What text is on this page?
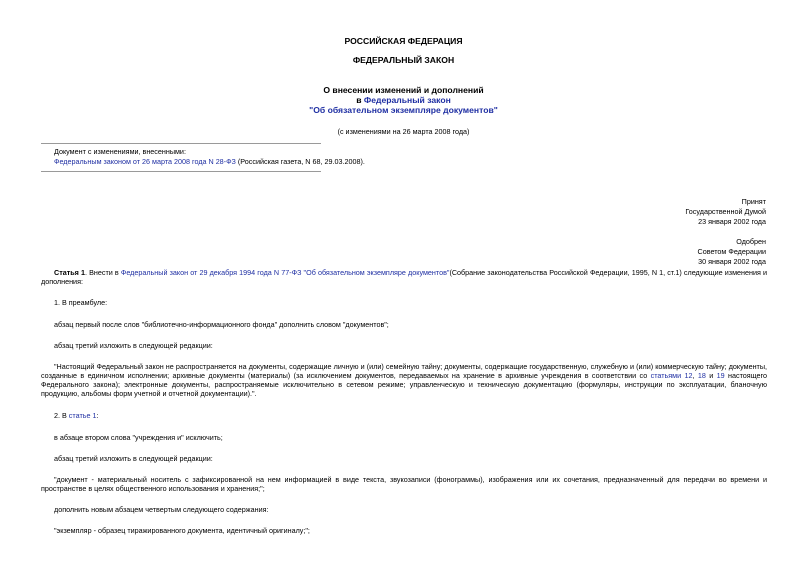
РОССИЙСКАЯ ФЕДЕРАЦИЯ
ФЕДЕРАЛЬНЫЙ ЗАКОН
О внесении изменений и дополнений
в Федеральный закон
"Об обязательном экземпляре документов"
(с изменениями на 26 марта 2008 года)
Документ с изменениями, внесенными:
Федеральным законом от 26 марта 2008 года N 28-ФЗ (Российская газета, N 68, 29.03.2008).
Принят
Государственной Думой
23 января 2002 года
Одобрен
Советом Федерации
30 января 2002 года
Статья 1. Внести в Федеральный закон от 29 декабря 1994 года N 77-ФЗ "Об обязательном экземпляре документов"(Собрание законодательства Российской Федерации, 1995, N 1, ст.1) следующие изменения и дополнения:
1. В преамбуле:
абзац первый после слов "библиотечно-информационного фонда" дополнить словом "документов";
абзац третий изложить в следующей редакции:
"Настоящий Федеральный закон не распространяется на документы, содержащие личную и (или) семейную тайну; документы, содержащие государственную, служебную и (или) коммерческую тайну; документы, созданные в единичном исполнении; архивные документы (материалы) (за исключением документов, передаваемых на хранение в архивные учреждения в соответствии со статьями 12, 18 и 19 настоящего Федерального закона); электронные документы, распространяемые исключительно в сетевом режиме; управленческую и техническую документацию (формуляры, инструкции по эксплуатации, бланочную продукцию, альбомы форм учетной и отчетной документации).".
2. В статье 1:
в абзаце втором слова "учреждения и" исключить;
абзац третий изложить в следующей редакции:
"документ - материальный носитель с зафиксированной на нем информацией в виде текста, звукозаписи (фонограммы), изображения или их сочетания, предназначенный для передачи во времени и пространстве в целях общественного использования и хранения;";
дополнить новым абзацем четвертым следующего содержания:
"экземпляр - образец тиражированного документа, идентичный оригиналу;";
